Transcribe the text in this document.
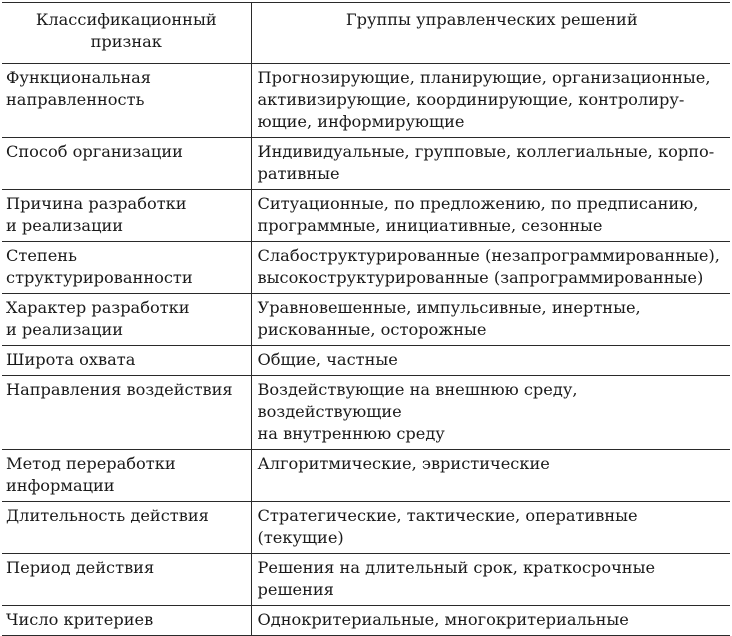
Классификационный
признак	Группы управленческих решений

Функциональная
направленность	Прогнозирующие, планирующие, организационные,
активизирующие, координирующие, контролиру-
ющие, информирующие

Способ организации	Индивидуальные, групповые, коллегиальные, корпо-
ративные

Причина разработки
и реализации	Ситуационные, по предложению, по предписанию,
программные, инициативные, сезонные

Степень
структурированности	Слабоструктурированные (незапрограммированные),
высокоструктурированные (запрограммированные)

Характер разработки
и реализации	Уравновешенные, импульсивные, инертные,
рискованные, осторожные

Широта охвата	Общие, частные

Направления воздействия	Воздействующие на внешнюю среду, воздействующие
на внутреннюю среду

Метод переработки
информации	Алгоритмические, эвристические

Длительность действия	Стратегические, тактические, оперативные (текущие)

Период действия	Решения на длительный срок, краткосрочные
решения

Число критериев	Однокритериальные, многокритериальные
